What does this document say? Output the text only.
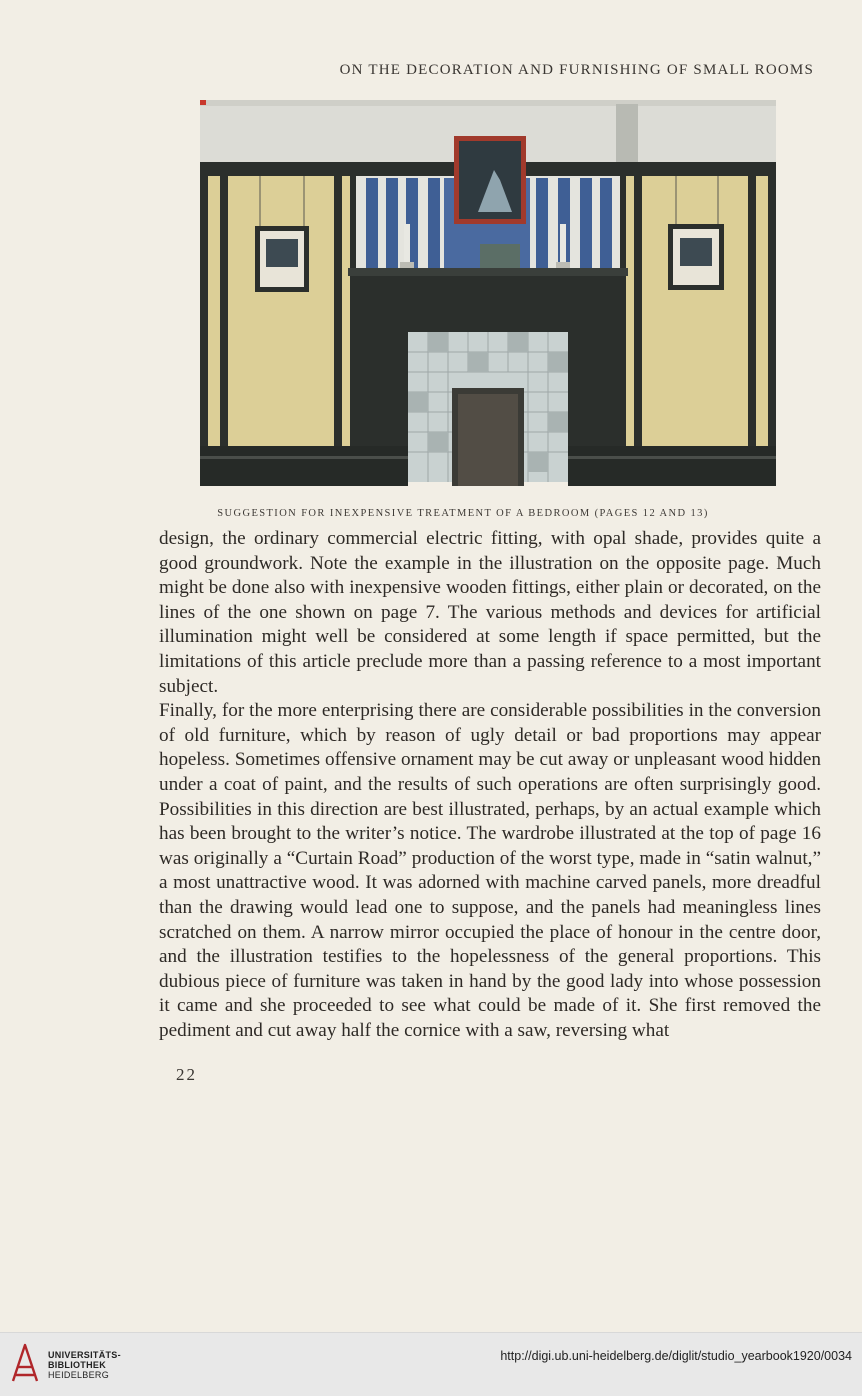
ON THE DECORATION AND FURNISHING OF SMALL ROOMS
SUGGESTION FOR INEXPENSIVE TREATMENT OF A BEDROOM (PAGES 12 AND 13)

design, the ordinary commercial electric fitting, with opal shade, provides quite a good groundwork. Note the example in the illustration on the opposite page. Much might be done also with inexpensive wooden fittings, either plain or decorated, on the lines of the one shown on page 7. The various methods and devices for artificial illumination might well be considered at some length if space permitted, but the limitations of this article preclude more than a passing reference to a most important subject.

Finally, for the more enterprising there are considerable possibilities in the conversion of old furniture, which by reason of ugly detail or bad proportions may appear hopeless. Sometimes offensive ornament may be cut away or unpleasant wood hidden under a coat of paint, and the results of such operations are often surprisingly good. Possibilities in this direction are best illustrated, perhaps, by an actual example which has been brought to the writer’s notice. The wardrobe illustrated at the top of page 16 was originally a “Curtain Road” production of the worst type, made in “satin walnut,” a most unattractive wood. It was adorned with machine carved panels, more dreadful than the drawing would lead one to suppose, and the panels had meaningless lines scratched on them. A narrow mirror occupied the place of honour in the centre door, and the illustration testifies to the hopelessness of the general proportions. This dubious piece of furniture was taken in hand by the good lady into whose possession it came and she proceeded to see what could be made of it. She first removed the pediment and cut away half the cornice with a saw, reversing what

22
UNIVERSITÄTS-
BIBLIOTHEK
HEIDELBERG
http://digi.ub.uni-heidelberg.de/diglit/studio_yearbook1920/0034
